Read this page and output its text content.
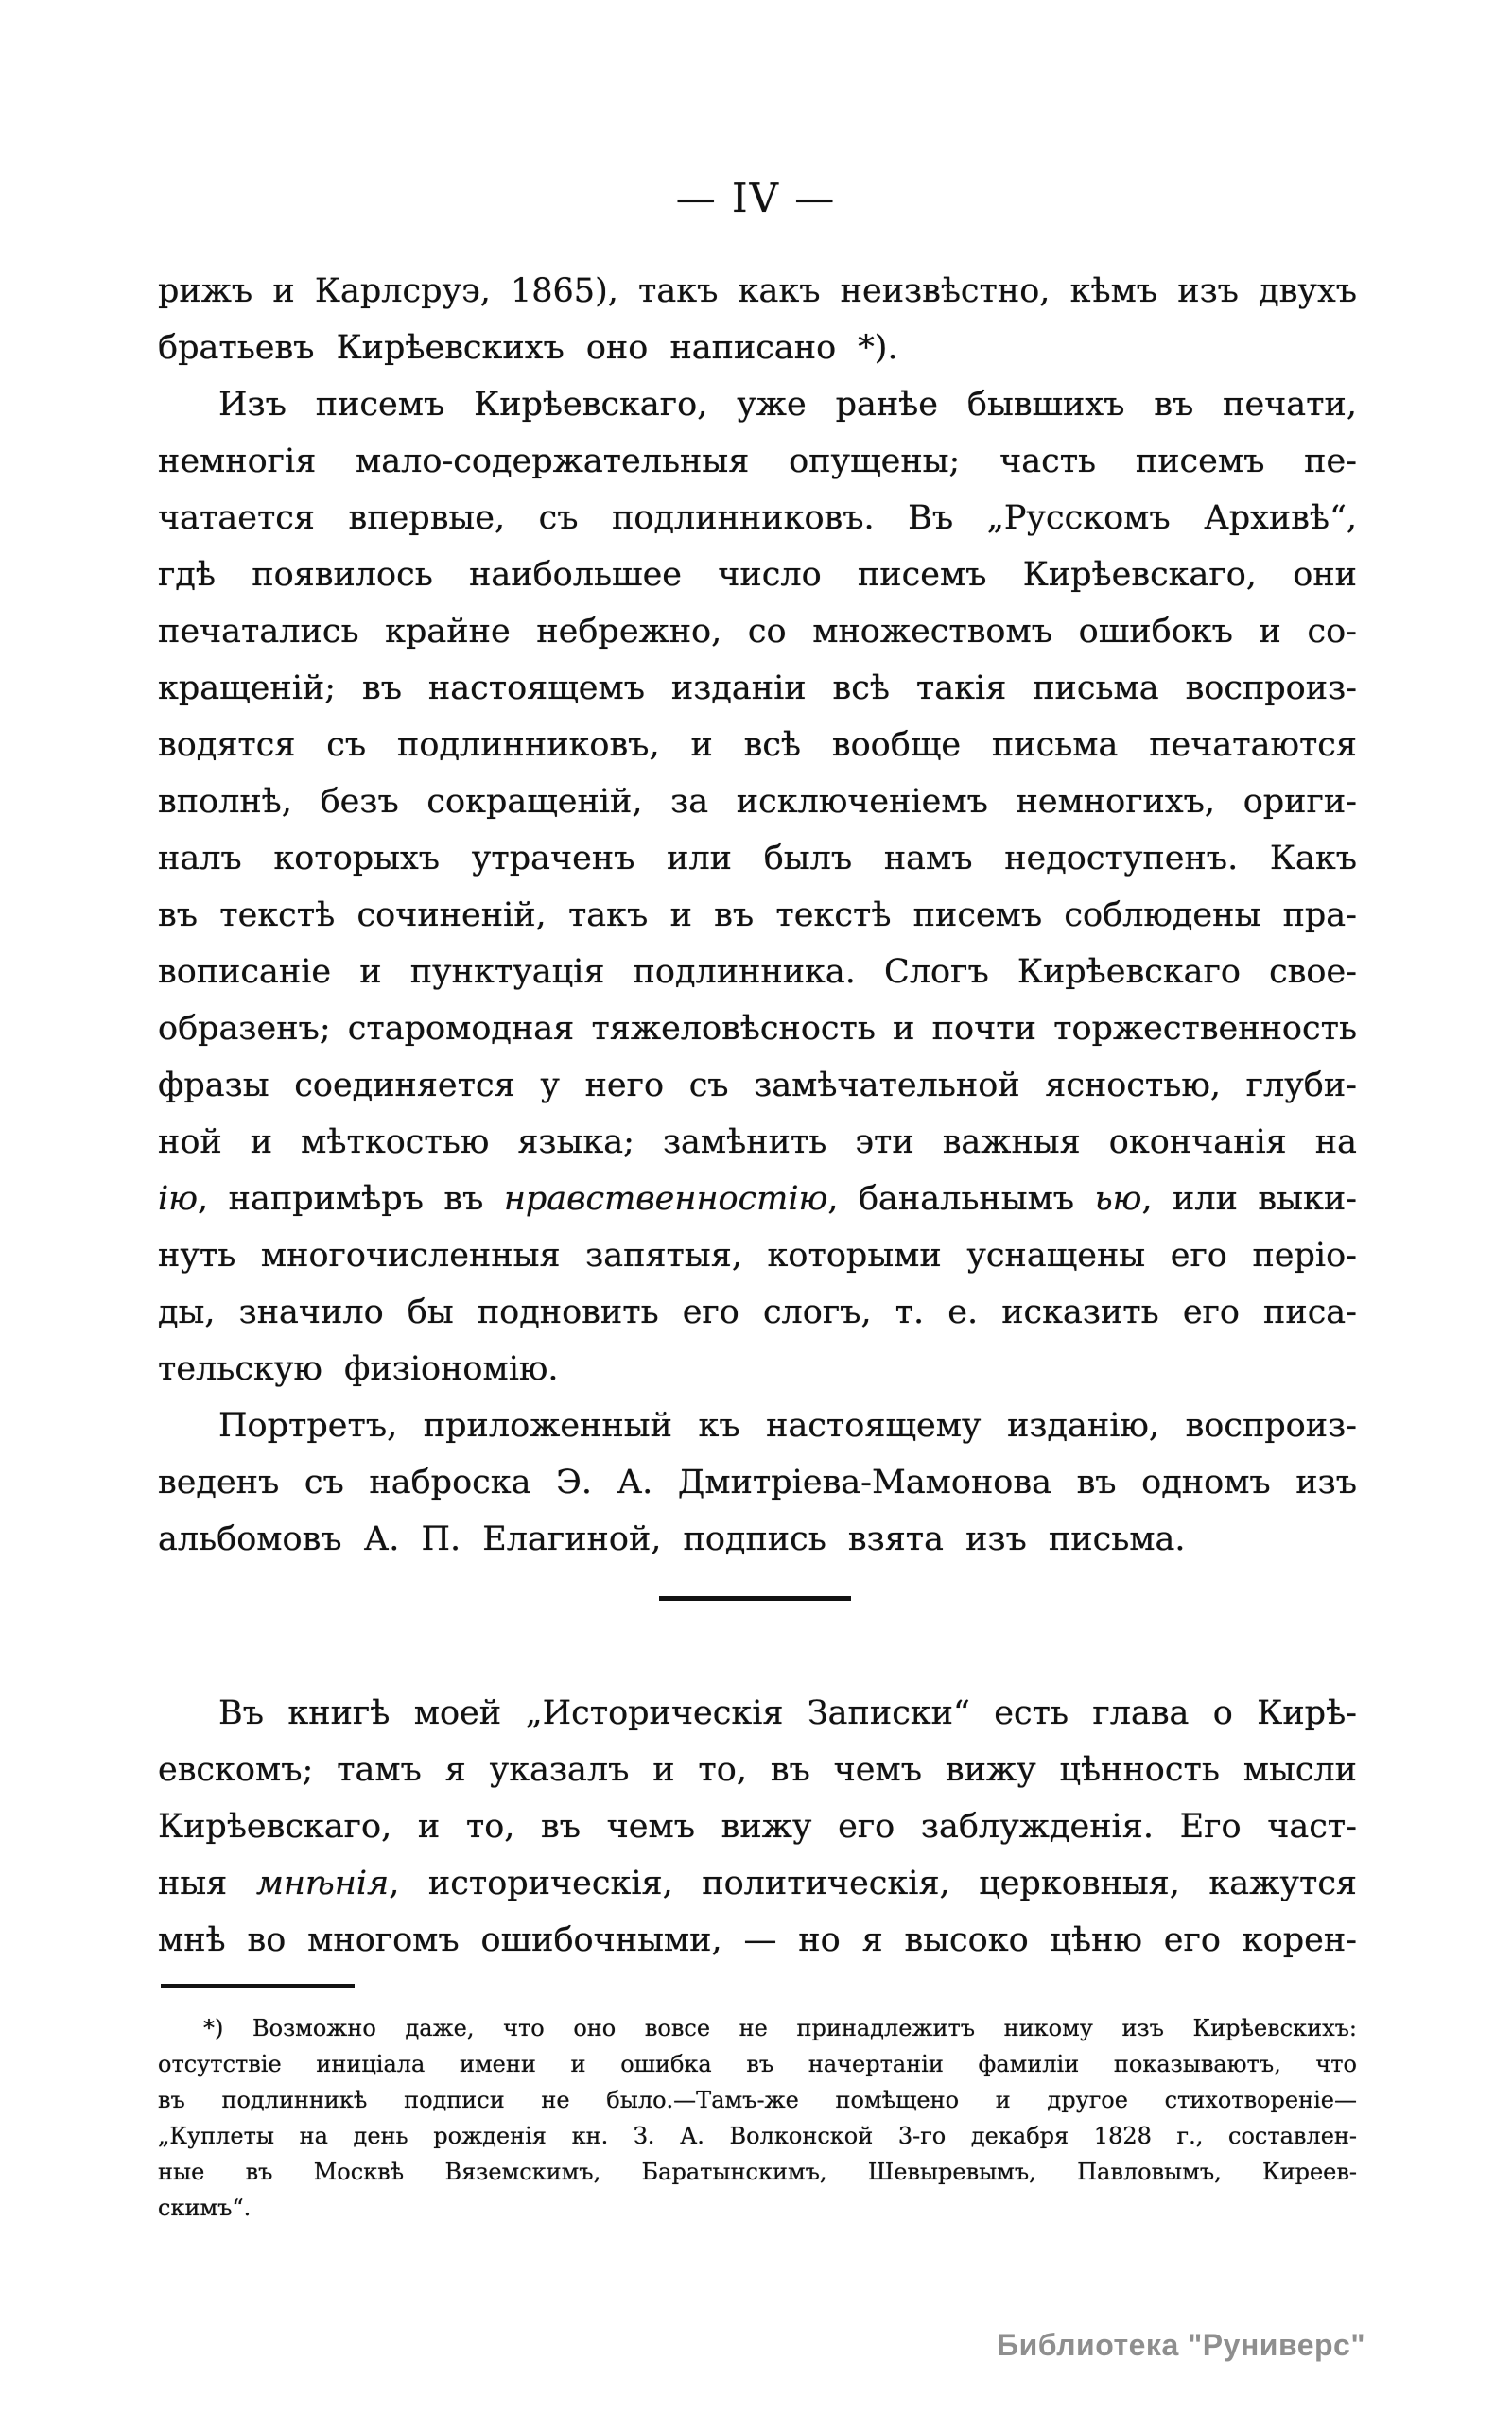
— IV —
рижъ и Карлсруэ, 1865), такъ какъ неизвѣстно, кѣмъ изъ двухъ
братьевъ Кирѣевскихъ оно написано *).
Изъ писемъ Кирѣевскаго, уже ранѣе бывшихъ въ печати,
немногія мало-содержательныя опущены; часть писемъ пе-
чатается впервые, съ подлинниковъ. Въ „Русскомъ Архивѣ“,
гдѣ появилось наибольшее число писемъ Кирѣевскаго, они
печатались крайне небрежно, со множествомъ ошибокъ и со-
кращеній; въ настоящемъ изданіи всѣ такія письма воспроиз-
водятся съ подлинниковъ, и всѣ вообще письма печатаются
вполнѣ, безъ сокращеній, за исключеніемъ немногихъ, ориги-
налъ которыхъ утраченъ или былъ намъ недоступенъ. Какъ
въ текстѣ сочиненій, такъ и въ текстѣ писемъ соблюдены пра-
вописаніе и пунктуація подлинника. Слогъ Кирѣевскаго свое-
образенъ; старомодная тяжеловѣсность и почти торжественность
фразы соединяется у него съ замѣчательной ясностью, глуби-
ной и мѣткостью языка; замѣнить эти важныя окончанія на
ію, напримѣръ въ нравственностію, банальнымъ ью, или выки-
нуть многочисленныя запятыя, которыми уснащены его періо-
ды, значило бы подновить его слогъ, т. е. исказить его писа-
тельскую физіономію.
Портретъ, приложенный къ настоящему изданію, воспроиз-
веденъ съ наброска Э. А. Дмитріева-Мамонова въ одномъ изъ
альбомовъ А. П. Елагиной, подпись взята изъ письма.
Въ книгѣ моей „Историческія Записки“ есть глава о Кирѣ-
евскомъ; тамъ я указалъ и то, въ чемъ вижу цѣнность мысли
Кирѣевскаго, и то, въ чемъ вижу его заблужденія. Его част-
ныя мнѣнія, историческія, политическія, церковныя, кажутся
мнѣ во многомъ ошибочными, — но я высоко цѣню его корен-
*) Возможно даже, что оно вовсе не принадлежитъ никому изъ Кирѣевскихъ:
отсутствіе иниціала имени и ошибка въ начертаніи фамиліи показываютъ, что
въ подлинникѣ подписи не было.—Тамъ-же помѣщено и другое стихотвореніе—
„Куплеты на день рожденія кн. З. А. Волконской 3-го декабря 1828 г., составлен-
ные въ Москвѣ Вяземскимъ, Баратынскимъ, Шевыревымъ, Павловымъ, Киреев-
скимъ“.
Библиотека "Руниверс"
